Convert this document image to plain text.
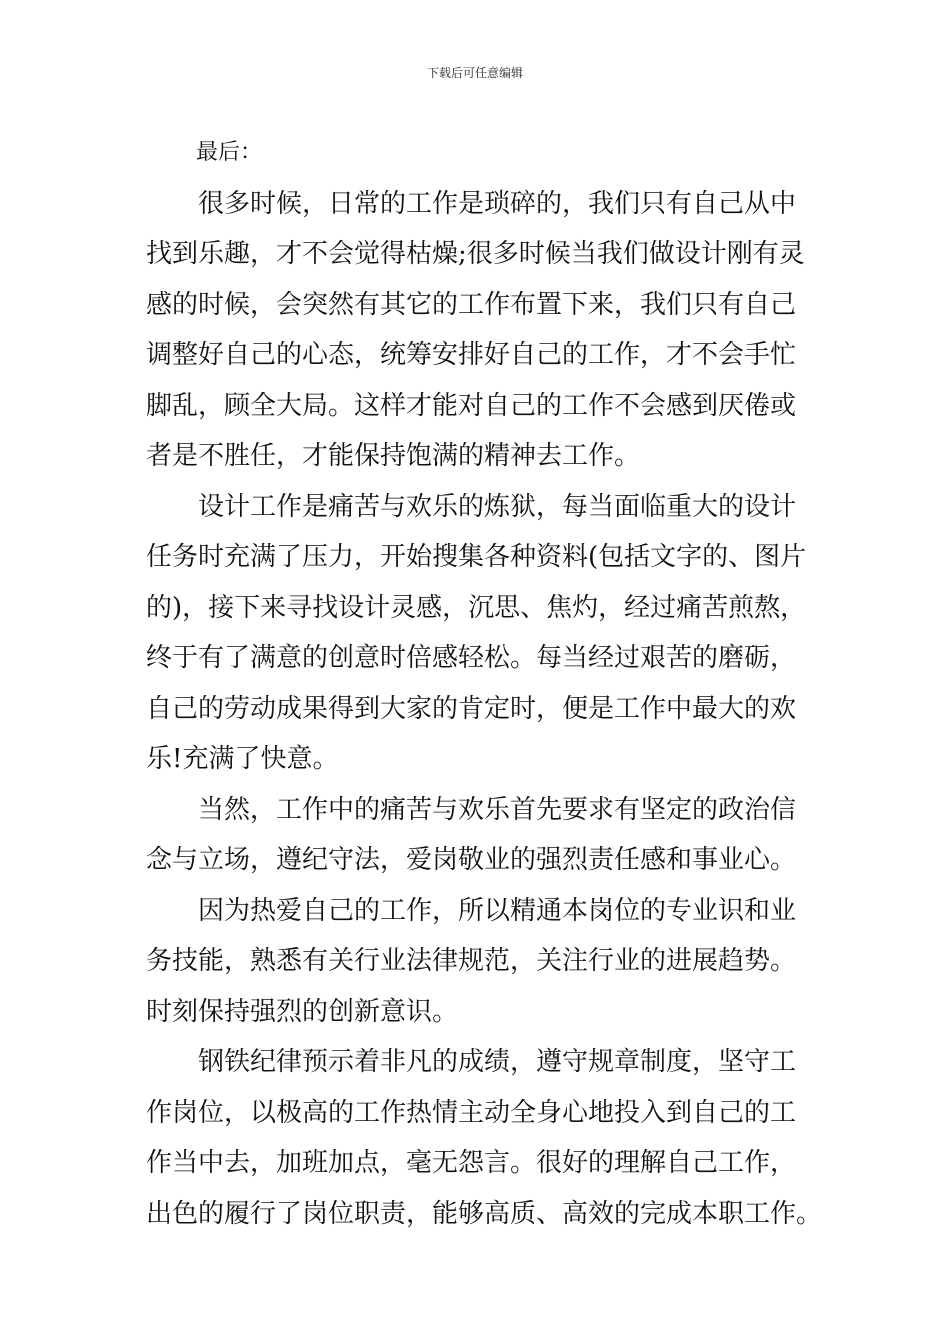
下载后可任意编辑
最后：
很多时候，日常的工作是琐碎的，我们只有自己从中
找到乐趣，才不会觉得枯燥;很多时候当我们做设计刚有灵
感的时候，会突然有其它的工作布置下来，我们只有自己
调整好自己的心态，统筹安排好自己的工作，才不会手忙
脚乱，顾全大局。这样才能对自己的工作不会感到厌倦或
者是不胜任，才能保持饱满的精神去工作。
设计工作是痛苦与欢乐的炼狱，每当面临重大的设计
任务时充满了压力，开始搜集各种资料(包括文字的、图片
的)，接下来寻找设计灵感，沉思、焦灼，经过痛苦煎熬，
终于有了满意的创意时倍感轻松。每当经过艰苦的磨砺，
自己的劳动成果得到大家的肯定时，便是工作中最大的欢
乐!充满了快意。
当然，工作中的痛苦与欢乐首先要求有坚定的政治信
念与立场，遵纪守法，爱岗敬业的强烈责任感和事业心。
因为热爱自己的工作，所以精通本岗位的专业识和业
务技能，熟悉有关行业法律规范，关注行业的进展趋势。
时刻保持强烈的创新意识。
钢铁纪律预示着非凡的成绩，遵守规章制度，坚守工
作岗位，以极高的工作热情主动全身心地投入到自己的工
作当中去，加班加点，毫无怨言。很好的理解自己工作，
出色的履行了岗位职责，能够高质、高效的完成本职工作。
